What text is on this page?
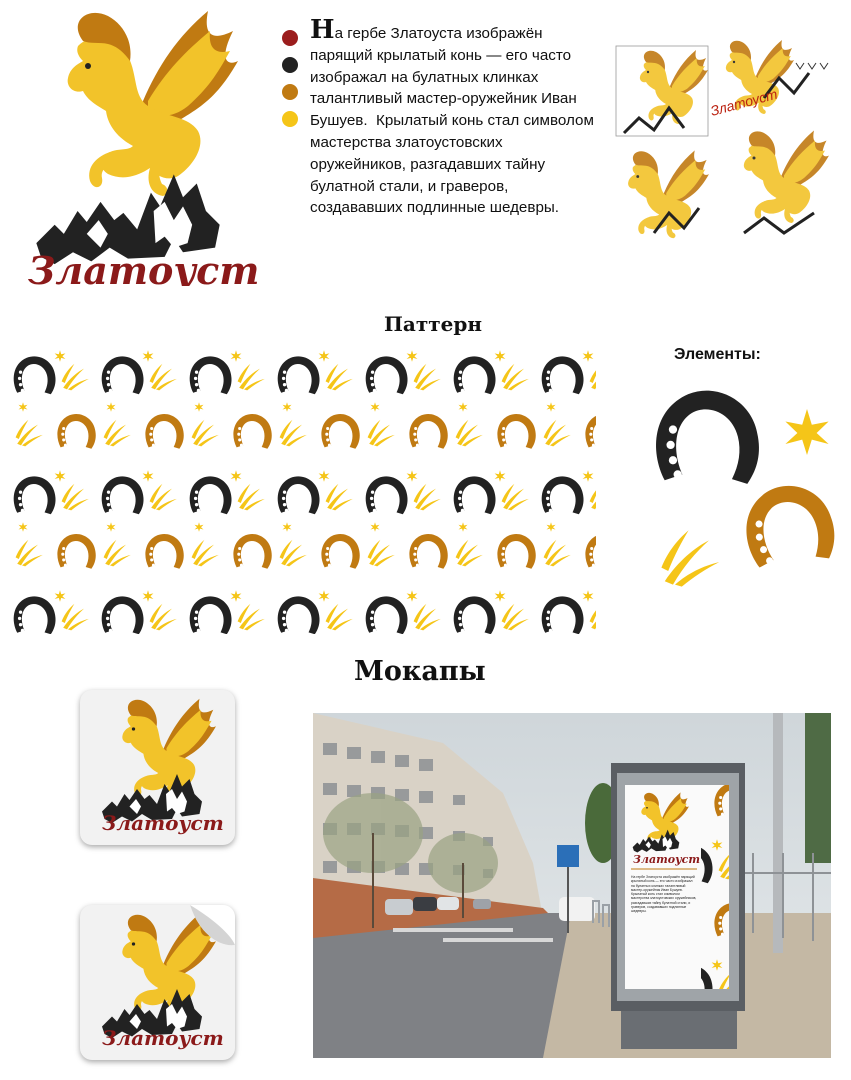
Златоуст
На гербе Златоуста изображён парящий крылатый конь — его часто изображал на булатных клинках талантливый мастер-оружейник Иван Бушуев.  Крылатый конь стал символом мастерства златоустовских оружейников, разгадавших тайну булатной стали, и граверов, создававших подлинные шедевры.
Златоуст
Паттерн
Элементы:
Мокапы
Златоуст
Златоуст
Златоуст
На гербе Златоуста изображён парящий крылатый конь — его часто изображал на булатных клинках талантливый мастер-оружейник Иван Бушуев. Крылатый конь стал символом мастерства златоустовских оружейников, разгадавших тайну булатной стали, и граверов, создававших подлинные шедевры.
